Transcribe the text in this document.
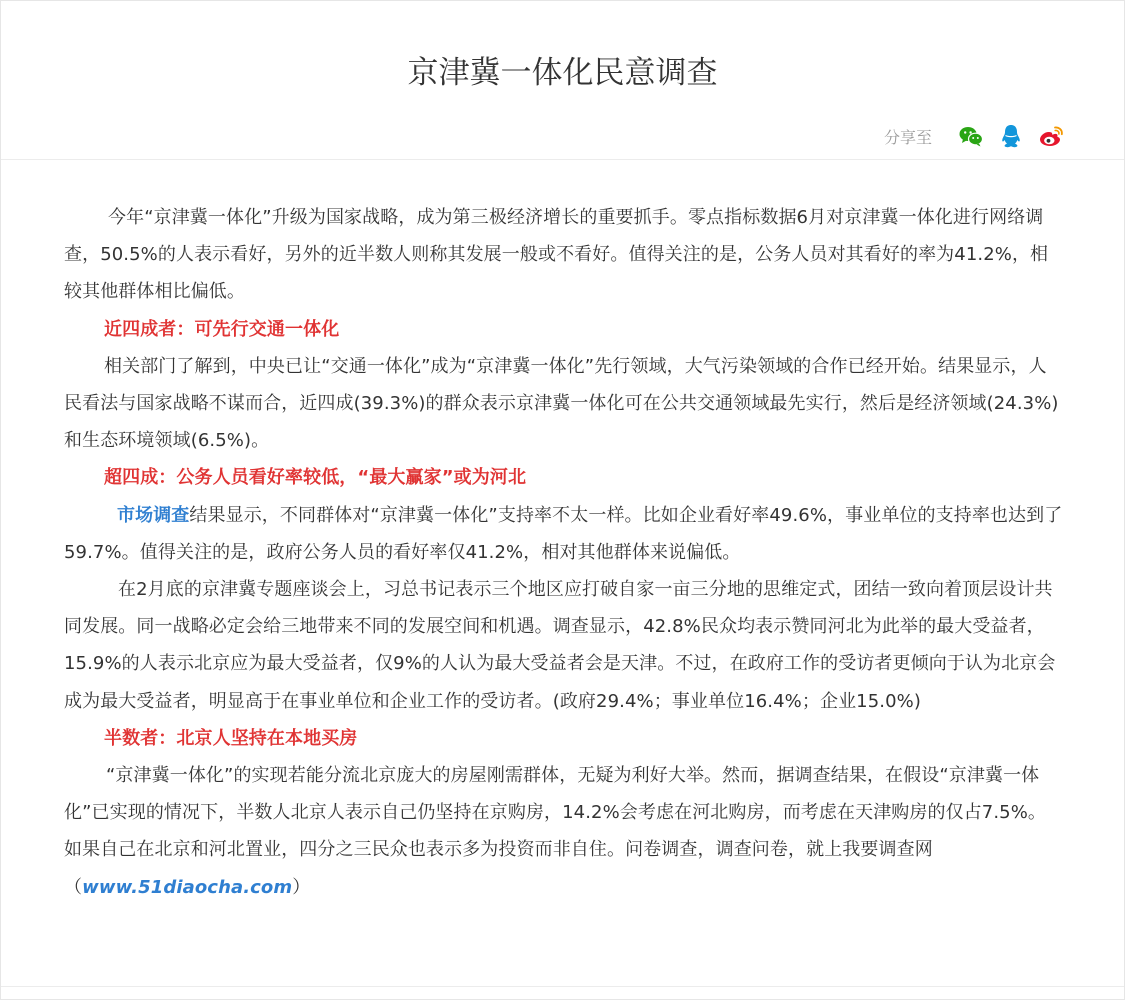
京津冀一体化民意调查
分享至

今年“京津冀一体化”升级为国家战略，成为第三极经济增长的重要抓手。零点指标数据6月对京津冀一体化进行网络调查，50.5%的人表示看好，另外的近半数人则称其发展一般或不看好。值得关注的是，公务人员对其看好的率为41.2%，相较其他群体相比偏低。

近四成者：可先行交通一体化

相关部门了解到，中央已让“交通一体化”成为“京津冀一体化”先行领域，大气污染领域的合作已经开始。结果显示，人民看法与国家战略不谋而合，近四成(39.3%)的群众表示京津冀一体化可在公共交通领域最先实行，然后是经济领域(24.3%)和生态环境领域(6.5%)。

超四成：公务人员看好率较低，“最大赢家”或为河北

市场调查结果显示，不同群体对“京津冀一体化”支持率不太一样。比如企业看好率49.6%，事业单位的支持率也达到了59.7%。值得关注的是，政府公务人员的看好率仅41.2%，相对其他群体来说偏低。

在2月底的京津冀专题座谈会上，习总书记表示三个地区应打破自家一亩三分地的思维定式，团结一致向着顶层设计共同发展。同一战略必定会给三地带来不同的发展空间和机遇。调查显示，42.8%民众均表示赞同河北为此举的最大受益者，15.9%的人表示北京应为最大受益者，仅9%的人认为最大受益者会是天津。不过，在政府工作的受访者更倾向于认为北京会成为最大受益者，明显高于在事业单位和企业工作的受访者。(政府29.4%；事业单位16.4%；企业15.0%)

半数者：北京人坚持在本地买房

“京津冀一体化”的实现若能分流北京庞大的房屋刚需群体，无疑为利好大举。然而，据调查结果，在假设“京津冀一体化”已实现的情况下，半数人北京人表示自己仍坚持在京购房，14.2%会考虑在河北购房，而考虑在天津购房的仅占7.5%。如果自己在北京和河北置业，四分之三民众也表示多为投资而非自住。问卷调查，调查问卷，就上我要调查网（www.51diaocha.com）
